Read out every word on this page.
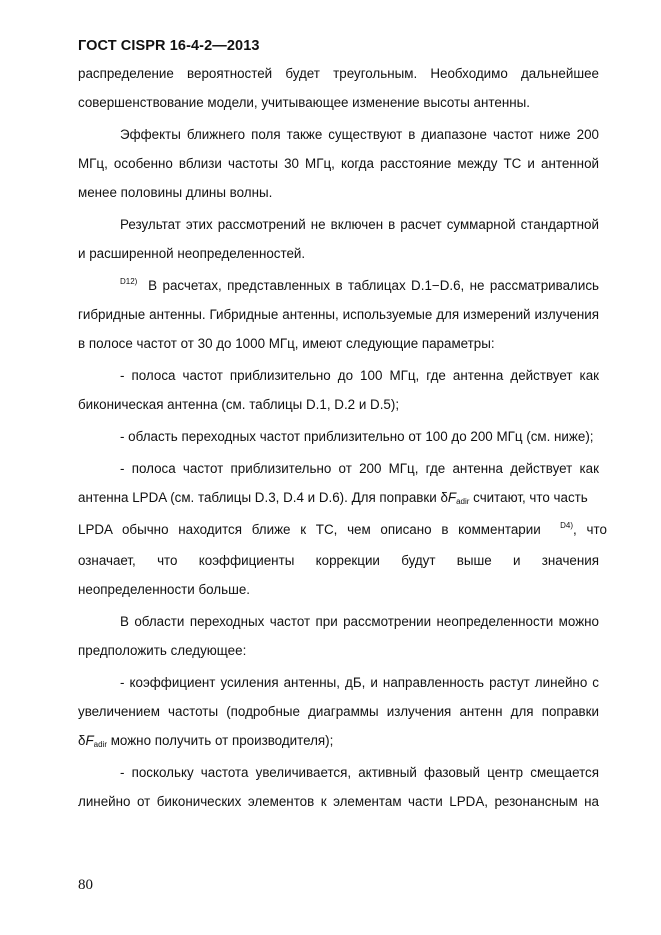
ГОСТ CISPR 16-4-2—2013
распределение вероятностей будет треугольным. Необходимо дальнейшее
совершенствование модели, учитывающее изменение высоты антенны.
Эффекты ближнего поля также существуют в диапазоне частот ниже 200
МГц, особенно вблизи частоты 30 МГц, когда расстояние между ТС и антенной
менее половины длины волны.
Результат этих рассмотрений не включен в расчет суммарной стандартной
и расширенной неопределенностей.
$^{D12)}$ В расчетах, представленных в таблицах D.1−D.6, не рассматривались
гибридные антенны. Гибридные антенны, используемые для измерений излучения
в полосе частот от 30 до 1000 МГц, имеют следующие параметры:
- полоса частот приблизительно до 100 МГц, где антенна действует как
биконическая антенна (см. таблицы D.1, D.2 и D.5);
- область переходных частот приблизительно от 100 до 200 МГц (см. ниже);
- полоса частот приблизительно от 200 МГц, где антенна действует как
антенна LPDA (см. таблицы D.3, D.4 и D.6). Для поправки $\delta F_{adir}$ считают, что часть
LPDA обычно находится ближе к ТС, чем описано в комментарии $^{D4)}$, что
означает, что коэффициенты коррекции будут выше и значения
неопределенности больше.
В области переходных частот при рассмотрении неопределенности можно
предположить следующее:
- коэффициент усиления антенны, дБ, и направленность растут линейно с
увеличением частоты (подробные диаграммы излучения антенн для поправки
$\delta F_{adir}$ можно получить от производителя);
- поскольку частота увеличивается, активный фазовый центр смещается
линейно от биконических элементов к элементам части LPDA, резонансным на
80
